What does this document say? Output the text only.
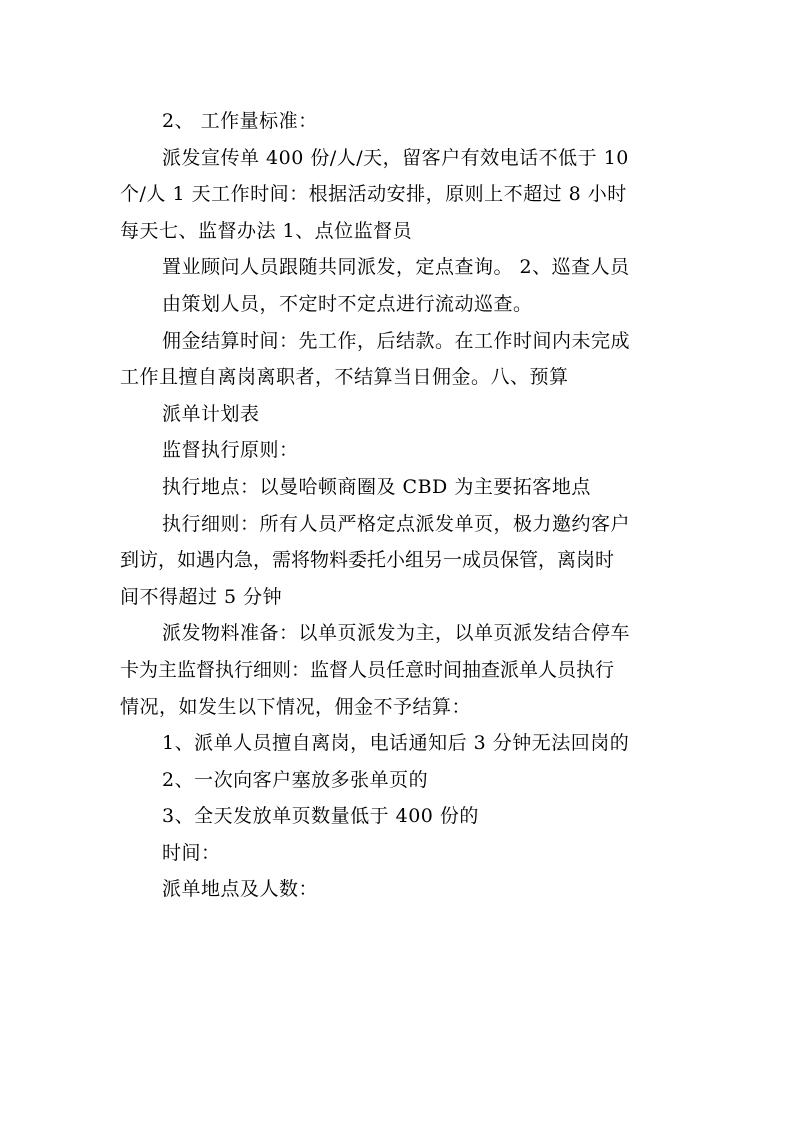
2、 工作量标准：
派发宣传单 400 份/人/天，留客户有效电话不低于 10
个/人 1 天工作时间：根据活动安排，原则上不超过 8 小时
每天七、监督办法 1、点位监督员
置业顾问人员跟随共同派发，定点查询。 2、巡查人员
由策划人员，不定时不定点进行流动巡查。
佣金结算时间：先工作，后结款。在工作时间内未完成
工作且擅自离岗离职者，不结算当日佣金。八、预算
派单计划表
监督执行原则：
执行地点：以曼哈顿商圈及 CBD 为主要拓客地点
执行细则：所有人员严格定点派发单页，极力邀约客户
到访，如遇内急，需将物料委托小组另一成员保管，离岗时
间不得超过 5 分钟
派发物料准备：以单页派发为主，以单页派发结合停车
卡为主监督执行细则：监督人员任意时间抽查派单人员执行
情况，如发生以下情况，佣金不予结算：
1、派单人员擅自离岗，电话通知后 3 分钟无法回岗的
2、一次向客户塞放多张单页的
3、全天发放单页数量低于 400 份的
时间：
派单地点及人数：
